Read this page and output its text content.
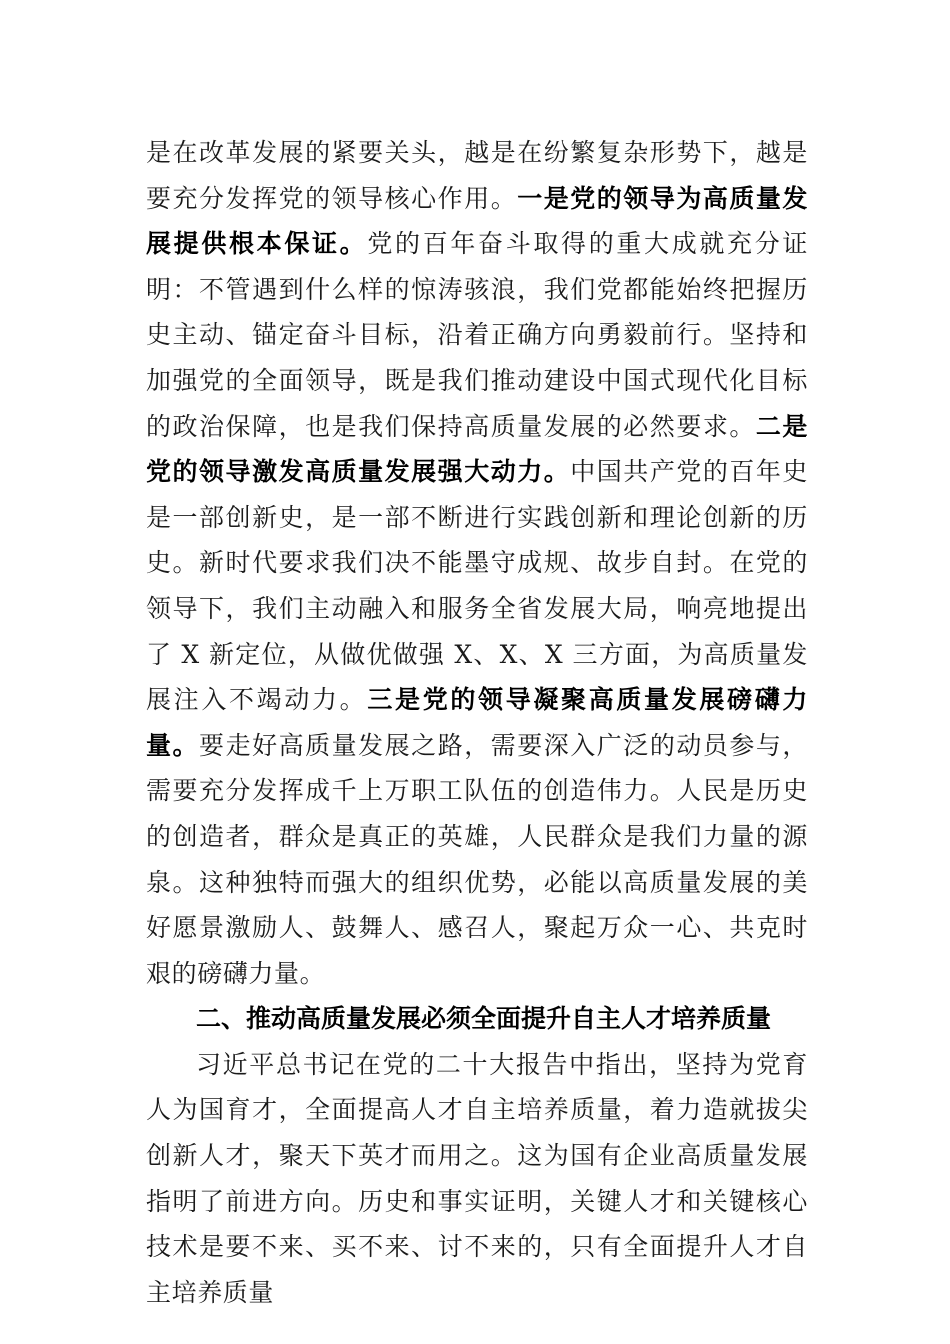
是在改革发展的紧要关头，越是在纷繁复杂形势下，越是要充分发挥党的领导核心作用。一是党的领导为高质量发展提供根本保证。党的百年奋斗取得的重大成就充分证明：不管遇到什么样的惊涛骇浪，我们党都能始终把握历史主动、锚定奋斗目标，沿着正确方向勇毅前行。坚持和加强党的全面领导，既是我们推动建设中国式现代化目标的政治保障，也是我们保持高质量发展的必然要求。二是党的领导激发高质量发展强大动力。中国共产党的百年史是一部创新史，是一部不断进行实践创新和理论创新的历史。新时代要求我们决不能墨守成规、故步自封。在党的领导下，我们主动融入和服务全省发展大局，响亮地提出了 X 新定位，从做优做强 X、X、X 三方面，为高质量发展注入不竭动力。三是党的领导凝聚高质量发展磅礴力量。要走好高质量发展之路，需要深入广泛的动员参与，需要充分发挥成千上万职工队伍的创造伟力。人民是历史的创造者，群众是真正的英雄，人民群众是我们力量的源泉。这种独特而强大的组织优势，必能以高质量发展的美好愿景激励人、鼓舞人、感召人，聚起万众一心、共克时艰的磅礴力量。

二、推动高质量发展必须全面提升自主人才培养质量

习近平总书记在党的二十大报告中指出，坚持为党育人为国育才，全面提高人才自主培养质量，着力造就拔尖创新人才，聚天下英才而用之。这为国有企业高质量发展指明了前进方向。历史和事实证明，关键人才和关键核心技术是要不来、买不来、讨不来的，只有全面提升人才自主培养质量
